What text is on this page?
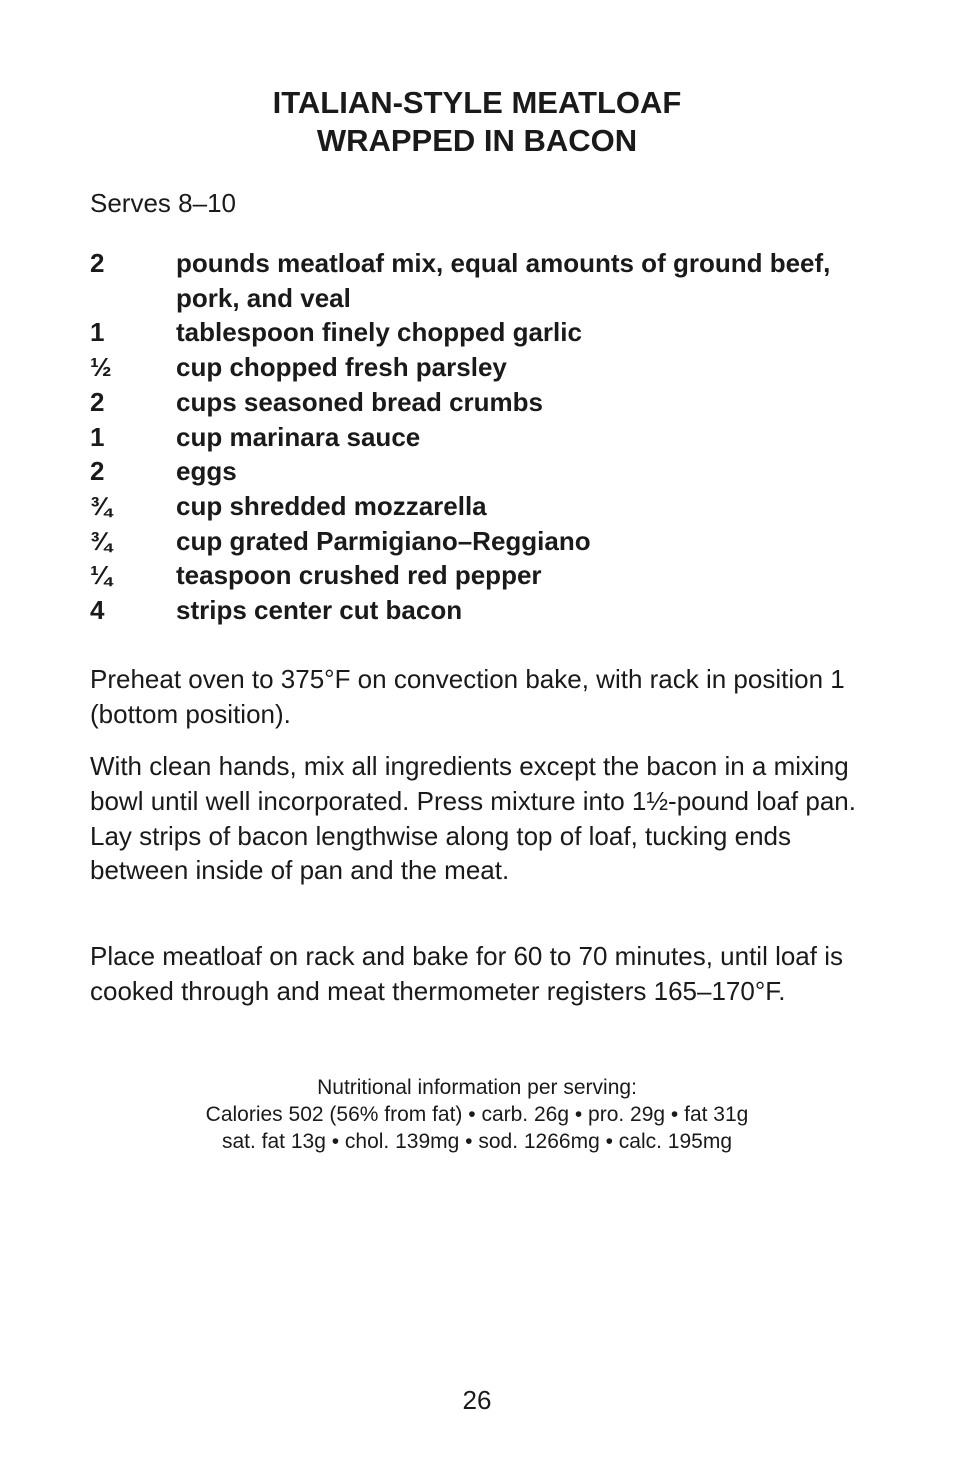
ITALIAN-STYLE MEATLOAF
WRAPPED IN BACON

Serves 8–10

2	pounds meatloaf mix, equal amounts of ground beef, pork, and veal
1	tablespoon finely chopped garlic
½	cup chopped fresh parsley
2	cups seasoned bread crumbs
1	cup marinara sauce
2	eggs
¾	cup shredded mozzarella
¾	cup grated Parmigiano–Reggiano
¼	teaspoon crushed red pepper
4	strips center cut bacon

Preheat oven to 375°F on convection bake, with rack in position 1 (bottom position).

With clean hands, mix all ingredients except the bacon in a mixing bowl until well incorporated. Press mixture into 1½-pound loaf pan. Lay strips of bacon lengthwise along top of loaf, tucking ends between inside of pan and the meat.

Place meatloaf on rack and bake for 60 to 70 minutes, until loaf is cooked through and meat thermometer registers 165–170°F.

Nutritional information per serving:
Calories 502 (56% from fat) • carb. 26g • pro. 29g • fat 31g
sat. fat 13g • chol. 139mg • sod. 1266mg • calc. 195mg
26
